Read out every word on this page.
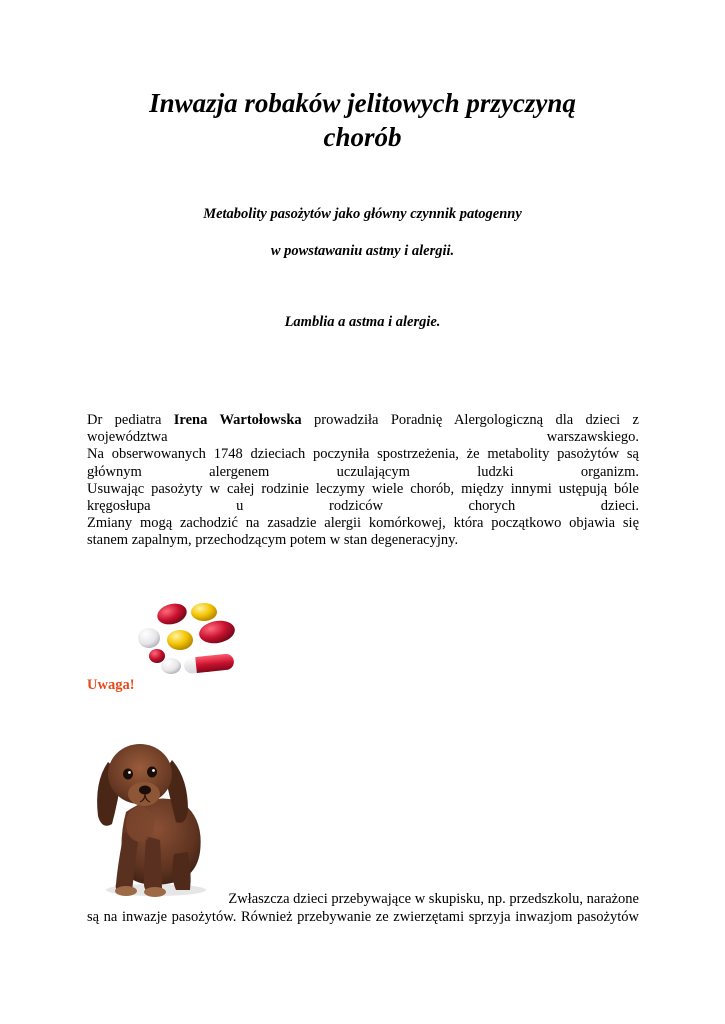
Inwazja robaków jelitowych przyczyną
chorób

Metabolity pasożytów jako główny czynnik patogenny

w powstawaniu astmy i alergii.

Lamblia a astma i alergie.

Dr pediatra Irena Wartołowska prowadziła Poradnię Alergologiczną dla dzieci z
województwa warszawskiego.
Na obserwowanych 1748 dzieciach poczyniła spostrzeżenia, że metabolity pasożytów są
głównym alergenem uczulającym ludzki organizm.
Usuwając pasożyty w całej rodzinie leczymy wiele chorób, między innymi ustępują bóle
kręgosłupa u rodziców chorych dzieci.
Zmiany mogą zachodzić na zasadzie alergii komórkowej, która początkowo objawia się
stanem zapalnym, przechodzącym potem w stan degeneracyjny.

Uwaga!

Zwłaszcza dzieci przebywające w skupisku, np. przedszkolu, narażone
są na inwazje pasożytów. Również przebywanie ze zwierzętami sprzyja inwazjom pasożytów
